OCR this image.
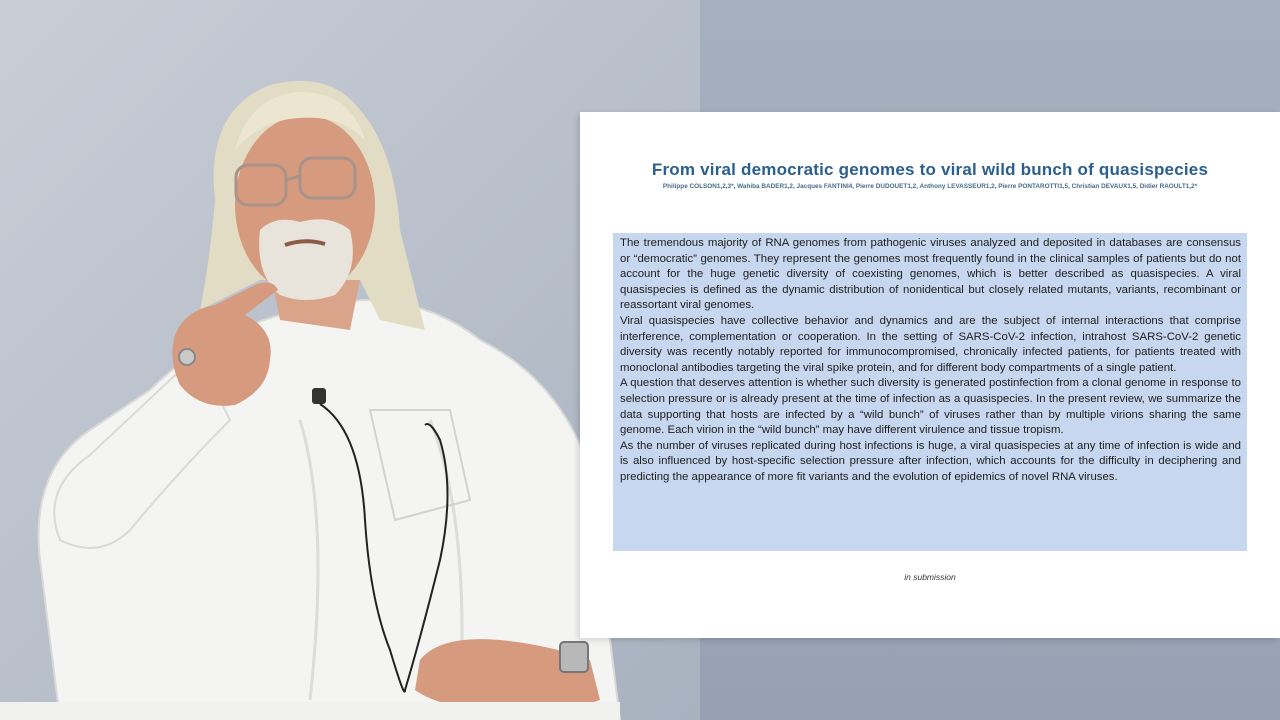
From viral democratic genomes to viral wild bunch of quasispecies
Philippe COLSON1,2,3*, Wahiba BADER1,2, Jacques FANTINI4, Pierre DUDOUET1,2, Anthony LEVASSEUR1,2, Pierre PONTAROTTI1,5, Christian DEVAUX1,5, Didier RAOULT1,2*

The tremendous majority of RNA genomes from pathogenic viruses analyzed and deposited in databases are consensus or “democratic” genomes. They represent the genomes most frequently found in the clinical samples of patients but do not account for the huge genetic diversity of coexisting genomes, which is better described as quasispecies. A viral quasispecies is defined as the dynamic distribution of nonidentical but closely related mutants, variants, recombinant or reassortant viral genomes.

Viral quasispecies have collective behavior and dynamics and are the subject of internal interactions that comprise interference, complementation or cooperation. In the setting of SARS-CoV-2 infection, intrahost SARS-CoV-2 genetic diversity was recently notably reported for immunocompromised, chronically infected patients, for patients treated with monoclonal antibodies targeting the viral spike protein, and for different body compartments of a single patient.

A question that deserves attention is whether such diversity is generated postinfection from a clonal genome in response to selection pressure or is already present at the time of infection as a quasispecies. In the present review, we summarize the data supporting that hosts are infected by a “wild bunch” of viruses rather than by multiple virions sharing the same genome. Each virion in the “wild bunch” may have different virulence and tissue tropism.

As the number of viruses replicated during host infections is huge, a viral quasispecies at any time of infection is wide and is also influenced by host-specific selection pressure after infection, which accounts for the difficulty in deciphering and predicting the appearance of more fit variants and the evolution of epidemics of novel RNA viruses.

in submission
